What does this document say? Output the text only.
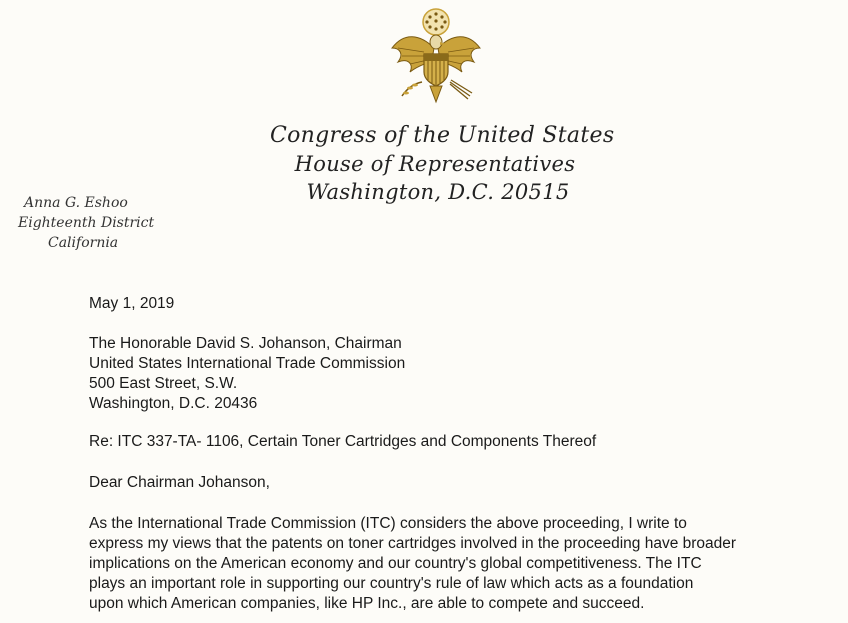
Congress of the United States
House of Representatives
Washington, D.C. 20515
Anna G. Eshoo
Eighteenth District
California
May 1, 2019
The Honorable David S. Johanson, Chairman
United States International Trade Commission
500 East Street, S.W.
Washington, D.C. 20436
Re: ITC 337-TA- 1106, Certain Toner Cartridges and Components Thereof
Dear Chairman Johanson,
As the International Trade Commission (ITC) considers the above proceeding, I write to
express my views that the patents on toner cartridges involved in the proceeding have broader
implications on the American economy and our country's global competitiveness. The ITC
plays an important role in supporting our country's rule of law which acts as a foundation
upon which American companies, like HP Inc., are able to compete and succeed.
